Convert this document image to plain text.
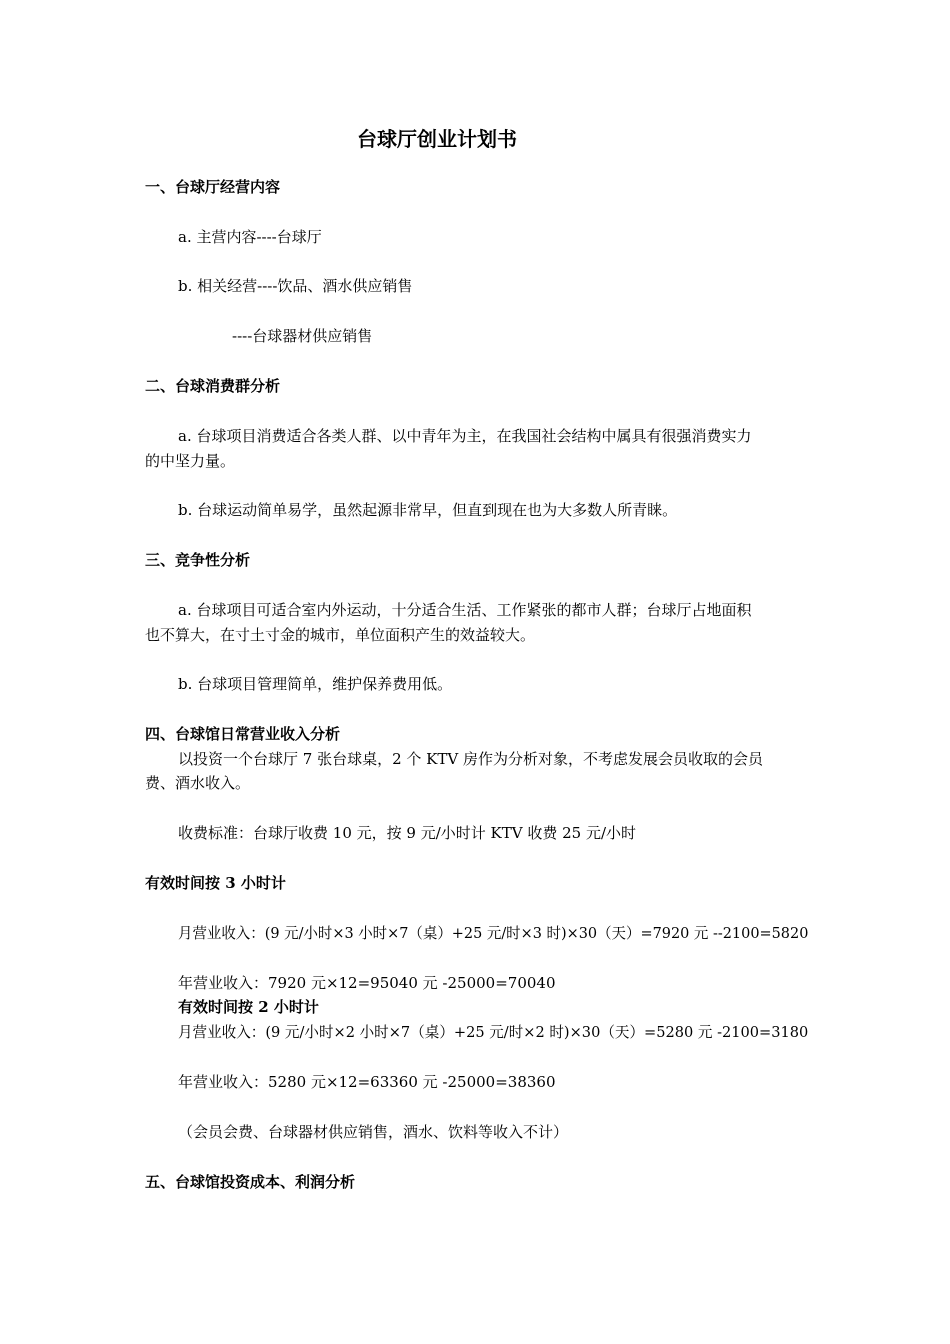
台球厅创业计划书
一、台球厅经营内容
a. 主营内容----台球厅
b. 相关经营----饮品、酒水供应销售
----台球器材供应销售
二、台球消费群分析
a. 台球项目消费适合各类人群、以中青年为主，在我国社会结构中属具有很强消费实力
的中坚力量。
b. 台球运动简单易学，虽然起源非常早，但直到现在也为大多数人所青睐。
三、竞争性分析
a. 台球项目可适合室内外运动，十分适合生活、工作紧张的都市人群；台球厅占地面积
也不算大，在寸土寸金的城市，单位面积产生的效益较大。
b. 台球项目管理简单，维护保养费用低。
四、台球馆日常营业收入分析
以投资一个台球厅 7 张台球桌，2 个 KTV 房作为分析对象，不考虑发展会员收取的会员
费、酒水收入。
收费标准：台球厅收费 10 元，按 9 元/小时计 KTV 收费 25 元/小时
有效时间按 3 小时计
月营业收入：(9 元/小时×3 小时×7（桌）+25 元/时×3 时)×30（天）=7920 元 --2100=5820
年营业收入：7920 元×12=95040 元 -25000=70040
有效时间按 2 小时计
月营业收入：(9 元/小时×2 小时×7（桌）+25 元/时×2 时)×30（天）=5280 元 -2100=3180
年营业收入：5280 元×12=63360 元 -25000=38360
（会员会费、台球器材供应销售，酒水、饮料等收入不计）
五、台球馆投资成本、利润分析
